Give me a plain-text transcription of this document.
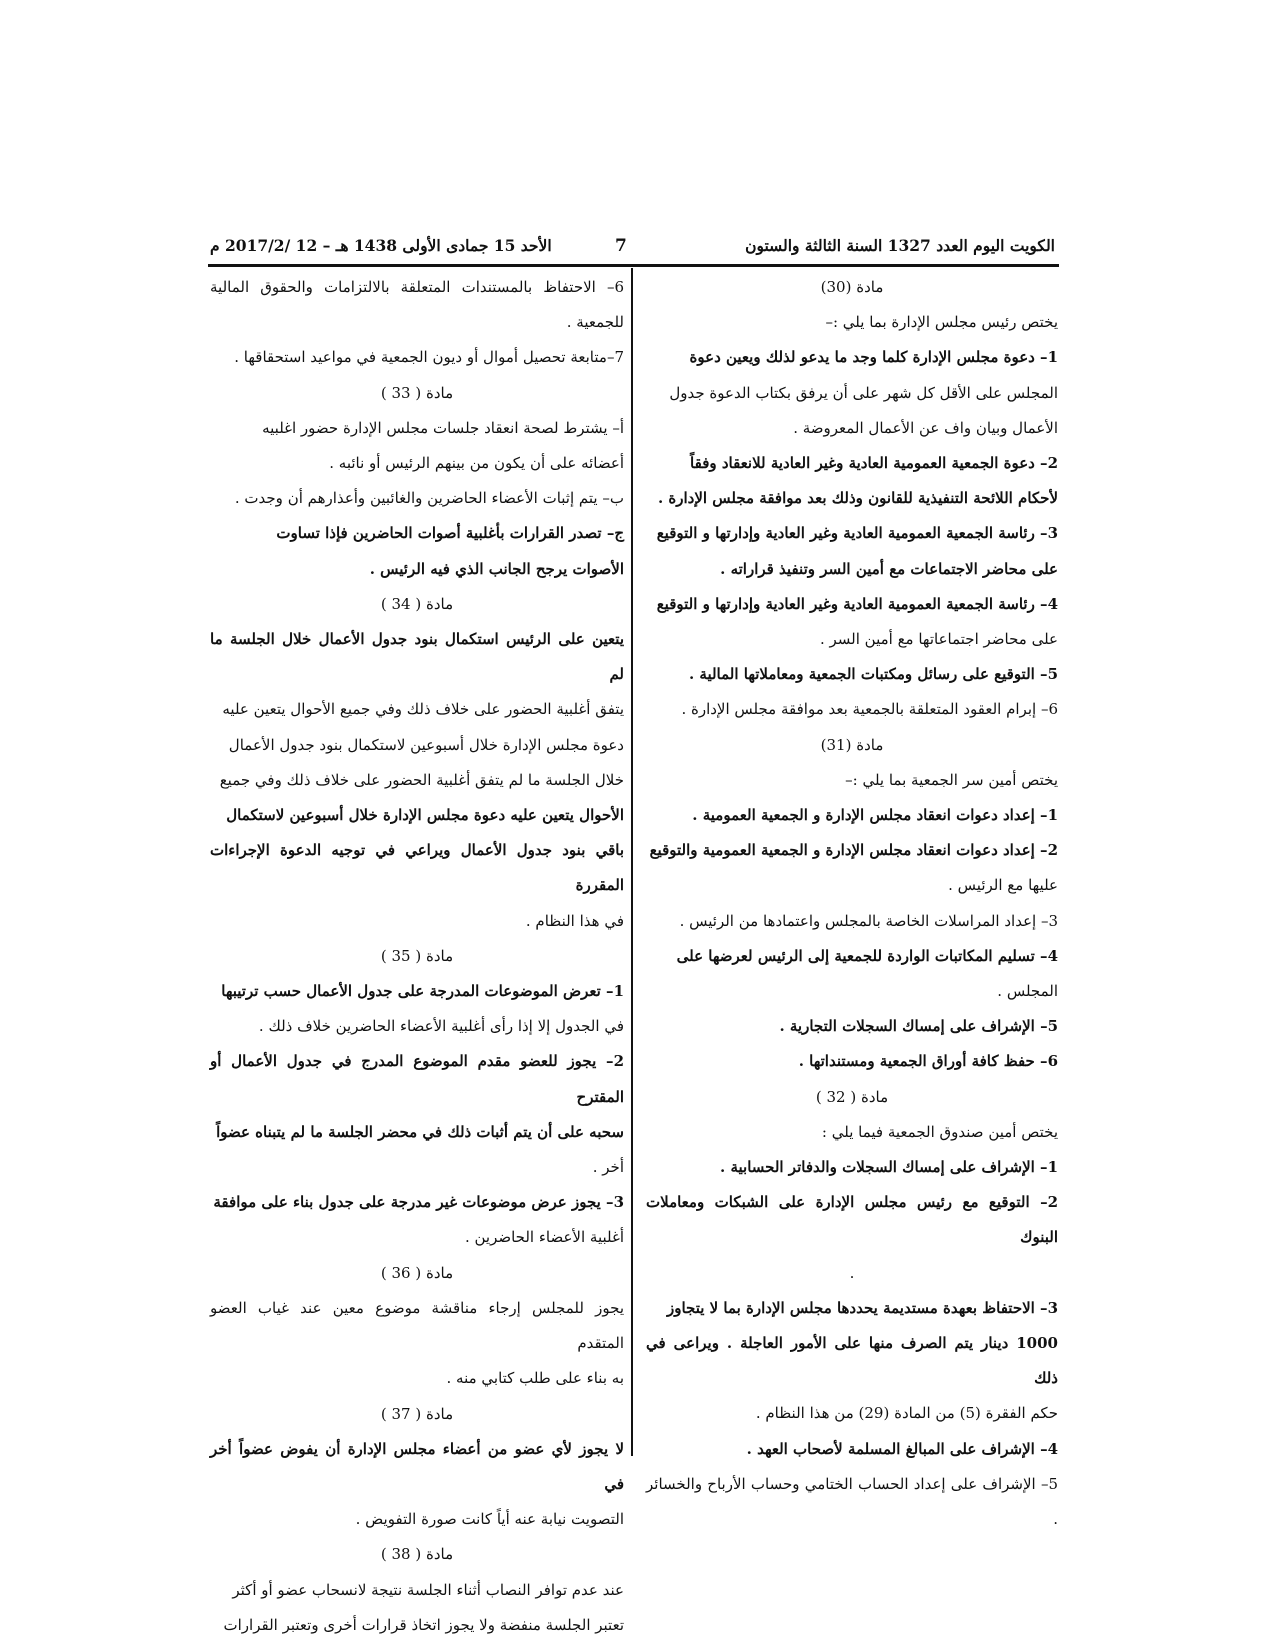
الكويت اليوم العدد 1327 السنة الثالثة والستون
7
الأحد 15 جمادى الأولى 1438 هـ – 12 /2017/2 م

مادة (30)

يختص رئيس مجلس الإدارة بما يلي :–

1– دعوة مجلس الإدارة كلما وجد ما يدعو لذلك ويعين دعوة

المجلس على الأقل كل شهر على أن يرفق بكتاب الدعوة جدول

الأعمال وبيان واف عن الأعمال المعروضة .

2– دعوة الجمعية العمومية العادية وغير العادية للانعقاد وفقاً

لأحكام اللائحة التنفيذية للقانون وذلك بعد موافقة مجلس الإدارة .

3– رئاسة الجمعية العمومية العادية وغير العادية وإدارتها و التوقيع

على محاضر الاجتماعات مع أمين السر وتنفيذ قراراته .

4– رئاسة الجمعية العمومية العادية وغير العادية وإدارتها و التوقيع

على محاضر اجتماعاتها مع أمين السر .

5– التوقيع على رسائل ومكتبات الجمعية ومعاملاتها المالية .

6– إبرام العقود المتعلقة بالجمعية بعد موافقة مجلس الإدارة .

مادة (31)

يختص أمين سر الجمعية بما يلي :–

1– إعداد دعوات انعقاد مجلس الإدارة و الجمعية العمومية .

2– إعداد دعوات انعقاد مجلس الإدارة و الجمعية العمومية والتوقيع

عليها مع الرئيس .

3– إعداد المراسلات الخاصة بالمجلس واعتمادها من الرئيس .

4– تسليم المكاتبات الواردة للجمعية إلى الرئيس لعرضها على

المجلس .

5– الإشراف على إمساك السجلات التجارية .

6– حفظ كافة أوراق الجمعية ومستنداتها .

مادة ( 32 )

يختص أمين صندوق الجمعية فيما يلي :

1– الإشراف على إمساك السجلات والدفاتر الحسابية .

2– التوقيع مع رئيس مجلس الإدارة على الشبكات ومعاملات البنوك

.

3– الاحتفاظ بعهدة مستديمة يحددها مجلس الإدارة بما لا يتجاوز

1000 دينار يتم الصرف منها على الأمور العاجلة . ويراعى في ذلك

حكم الفقرة (5) من المادة (29) من هذا النظام .

4– الإشراف على المبالغ المسلمة لأصحاب العهد .

5– الإشراف على إعداد الحساب الختامي وحساب الأرباح والخسائر .

6– الاحتفاظ بالمستندات المتعلقة بالالتزامات والحقوق المالية للجمعية .

7–متابعة تحصيل أموال أو ديون الجمعية في مواعيد استحقاقها .

مادة ( 33 )

أ– يشترط لصحة انعقاد جلسات مجلس الإدارة حضور اغلبيه

أعضائه على أن يكون من بينهم الرئيس أو نائبه .

ب– يتم إثبات الأعضاء الحاضرين والغائبين وأعذارهم أن وجدت .

ج– تصدر القرارات بأغلبية أصوات الحاضرين فإذا تساوت

الأصوات يرجح الجانب الذي فيه الرئيس .

مادة ( 34 )

يتعين على الرئيس استكمال بنود جدول الأعمال خلال الجلسة ما لم

يتفق أغلبية الحضور على خلاف ذلك وفي جميع الأحوال يتعين عليه

دعوة مجلس الإدارة خلال أسبوعين لاستكمال بنود جدول الأعمال

خلال الجلسة ما لم يتفق أغلبية الحضور على خلاف ذلك وفي جميع

الأحوال يتعين عليه دعوة مجلس الإدارة خلال أسبوعين لاستكمال

باقي بنود جدول الأعمال ويراعي في توجيه الدعوة الإجراءات المقررة

في هذا النظام .

مادة ( 35 )

1– تعرض الموضوعات المدرجة على جدول الأعمال حسب ترتيبها

في الجدول إلا إذا رأى أغلبية الأعضاء الحاضرين خلاف ذلك .

2– يجوز للعضو مقدم الموضوع المدرج في جدول الأعمال أو المقترح

سحبه على أن يتم أثبات ذلك في محضر الجلسة ما لم يتبناه عضواً

أخر .

3– يجوز عرض موضوعات غير مدرجة على جدول بناء على موافقة

أغلبية الأعضاء الحاضرين .

مادة ( 36 )

يجوز للمجلس إرجاء مناقشة موضوع معين عند غياب العضو المتقدم

به بناء على طلب كتابي منه .

مادة ( 37 )

لا يجوز لأي عضو من أعضاء مجلس الإدارة أن يفوض عضواً أخر في

التصويت نيابة عنه أياً كانت صورة التفويض .

مادة ( 38 )

عند عدم توافر النصاب أثناء الجلسة نتيجة لانسحاب عضو أو أكثر

تعتبر الجلسة منفضة ولا يجوز اتخاذ قرارات أخرى وتعتبر القرارات
